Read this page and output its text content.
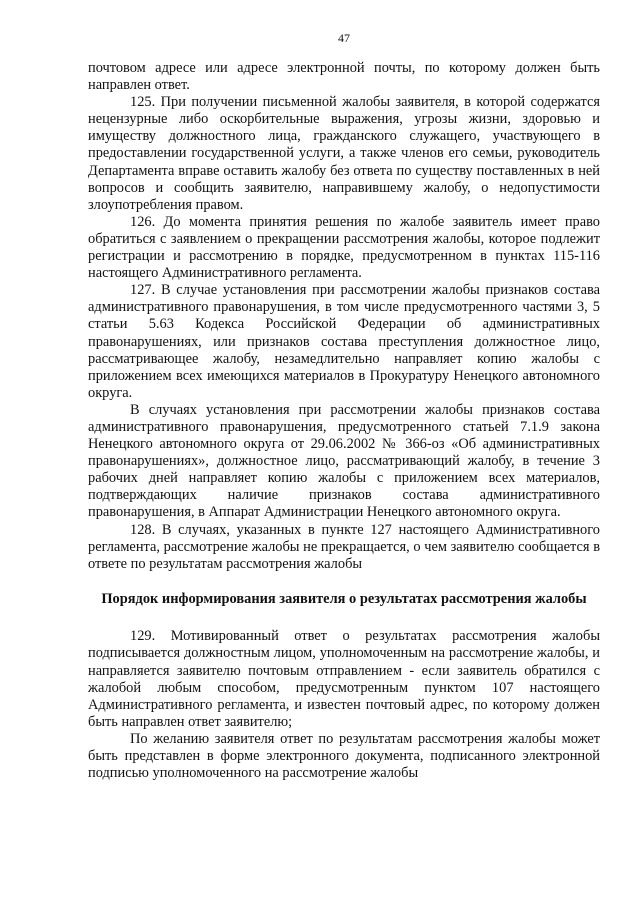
47

почтовом адресе или адресе электронной почты, по которому должен быть направлен ответ.

125. При получении письменной жалобы заявителя, в которой содержатся нецензурные либо оскорбительные выражения, угрозы жизни, здоровью и имуществу должностного лица, гражданского служащего, участвующего в предоставлении государственной услуги, а также членов его семьи, руководитель Департамента вправе оставить жалобу без ответа по существу поставленных в ней вопросов и сообщить заявителю, направившему жалобу, о недопустимости злоупотребления правом.

126. До момента принятия решения по жалобе заявитель имеет право обратиться с заявлением о прекращении рассмотрения жалобы, которое подлежит регистрации и рассмотрению в порядке, предусмотренном в пунктах 115-116 настоящего Административного регламента.

127. В случае установления при рассмотрении жалобы признаков состава административного правонарушения, в том числе предусмотренного частями 3, 5 статьи 5.63 Кодекса Российской Федерации об административных правонарушениях, или признаков состава преступления должностное лицо, рассматривающее жалобу, незамедлительно направляет копию жалобы с приложением всех имеющихся материалов в Прокуратуру Ненецкого автономного округа.

В случаях установления при рассмотрении жалобы признаков состава административного правонарушения, предусмотренного статьей 7.1.9 закона Ненецкого автономного округа от 29.06.2002 № 366-оз «Об административных правонарушениях», должностное лицо, рассматривающий жалобу, в течение 3 рабочих дней направляет копию жалобы с приложением всех материалов, подтверждающих наличие признаков состава административного правонарушения, в Аппарат Администрации Ненецкого автономного округа.

128. В случаях, указанных в пункте 127 настоящего Административного регламента, рассмотрение жалобы не прекращается, о чем заявителю сообщается в ответе по результатам рассмотрения жалобы

Порядок информирования заявителя о результатах рассмотрения жалобы

129. Мотивированный ответ о результатах рассмотрения жалобы подписывается должностным лицом, уполномоченным на рассмотрение жалобы, и направляется заявителю почтовым отправлением - если заявитель обратился с жалобой любым способом, предусмотренным пунктом 107 настоящего Административного регламента, и известен почтовый адрес, по которому должен быть направлен ответ заявителю;

По желанию заявителя ответ по результатам рассмотрения жалобы может быть представлен в форме электронного документа, подписанного электронной подписью уполномоченного на рассмотрение жалобы
